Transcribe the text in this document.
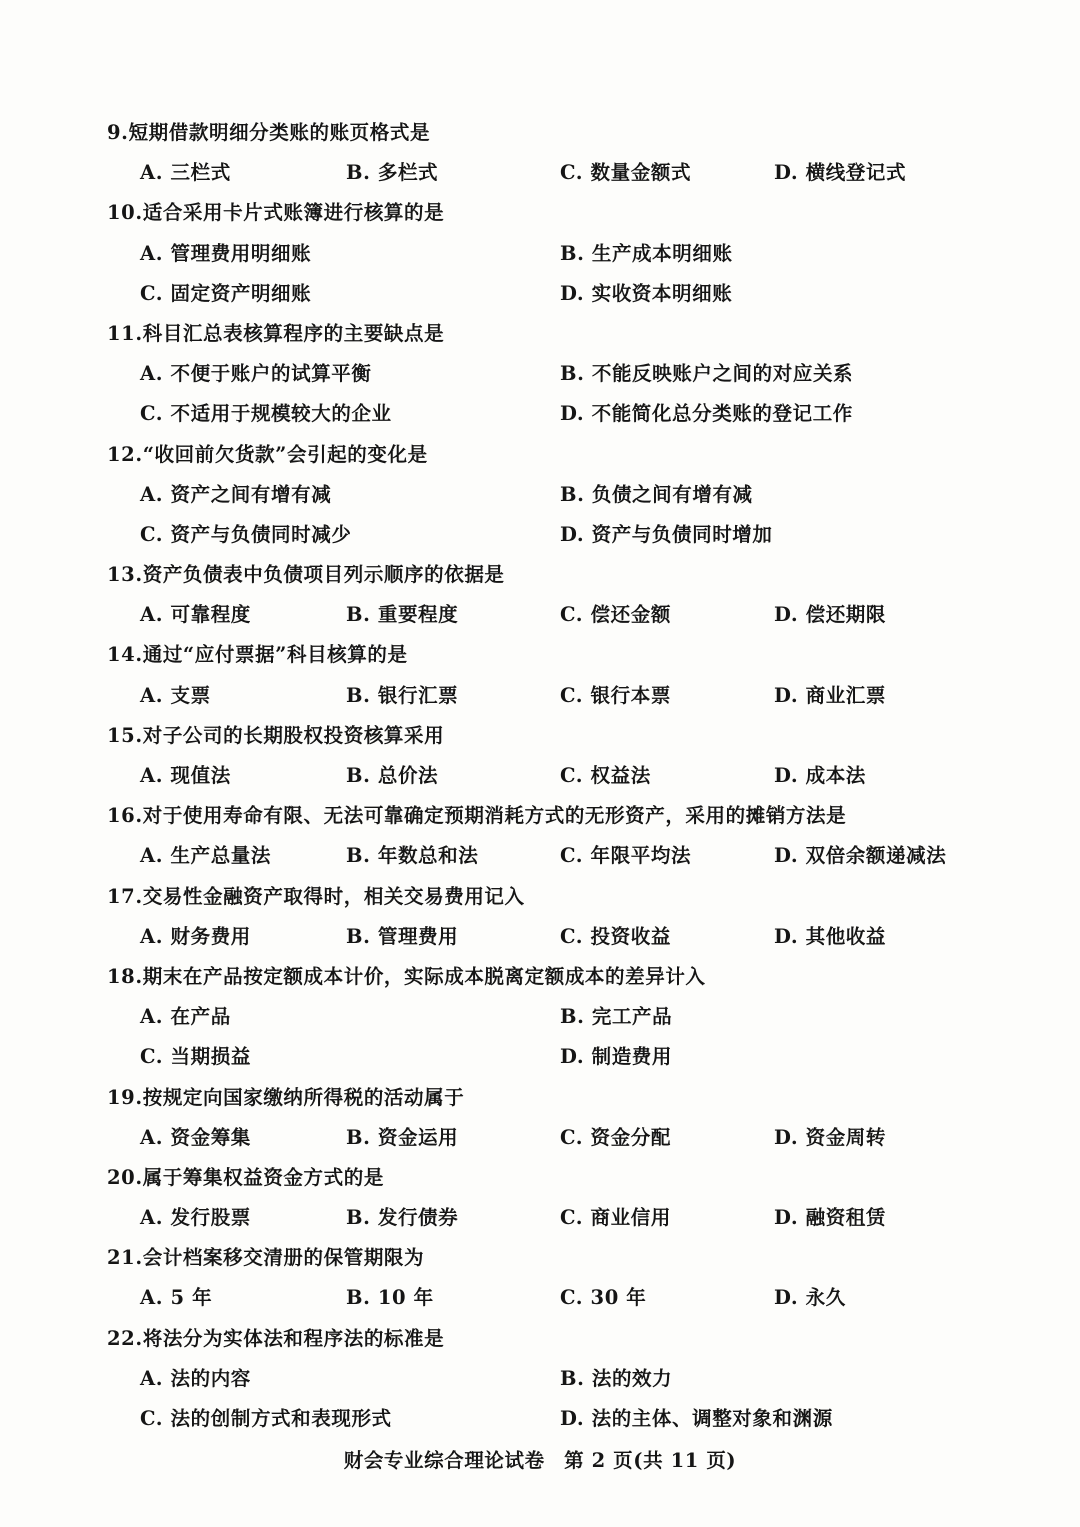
9.短期借款明细分类账的账页格式是
A. 三栏式	B. 多栏式	C. 数量金额式	D. 横线登记式
10.适合采用卡片式账簿进行核算的是
A. 管理费用明细账	B. 生产成本明细账
C. 固定资产明细账	D. 实收资本明细账
11.科目汇总表核算程序的主要缺点是
A. 不便于账户的试算平衡	B. 不能反映账户之间的对应关系
C. 不适用于规模较大的企业	D. 不能简化总分类账的登记工作
12.“收回前欠货款”会引起的变化是
A. 资产之间有增有减	B. 负债之间有增有减
C. 资产与负债同时减少	D. 资产与负债同时增加
13.资产负债表中负债项目列示顺序的依据是
A. 可靠程度	B. 重要程度	C. 偿还金额	D. 偿还期限
14.通过“应付票据”科目核算的是
A. 支票	B. 银行汇票	C. 银行本票	D. 商业汇票
15.对子公司的长期股权投资核算采用
A. 现值法	B. 总价法	C. 权益法	D. 成本法
16.对于使用寿命有限、无法可靠确定预期消耗方式的无形资产，采用的摊销方法是
A. 生产总量法	B. 年数总和法	C. 年限平均法	D. 双倍余额递减法
17.交易性金融资产取得时，相关交易费用记入
A. 财务费用	B. 管理费用	C. 投资收益	D. 其他收益
18.期末在产品按定额成本计价，实际成本脱离定额成本的差异计入
A. 在产品	B. 完工产品
C. 当期损益	D. 制造费用
19.按规定向国家缴纳所得税的活动属于
A. 资金筹集	B. 资金运用	C. 资金分配	D. 资金周转
20.属于筹集权益资金方式的是
A. 发行股票	B. 发行债券	C. 商业信用	D. 融资租赁
21.会计档案移交清册的保管期限为
A. 5 年	B. 10 年	C. 30 年	D. 永久
22.将法分为实体法和程序法的标准是
A. 法的内容	B. 法的效力
C. 法的创制方式和表现形式	D. 法的主体、调整对象和渊源
财会专业综合理论试卷 第 2 页(共 11 页)
